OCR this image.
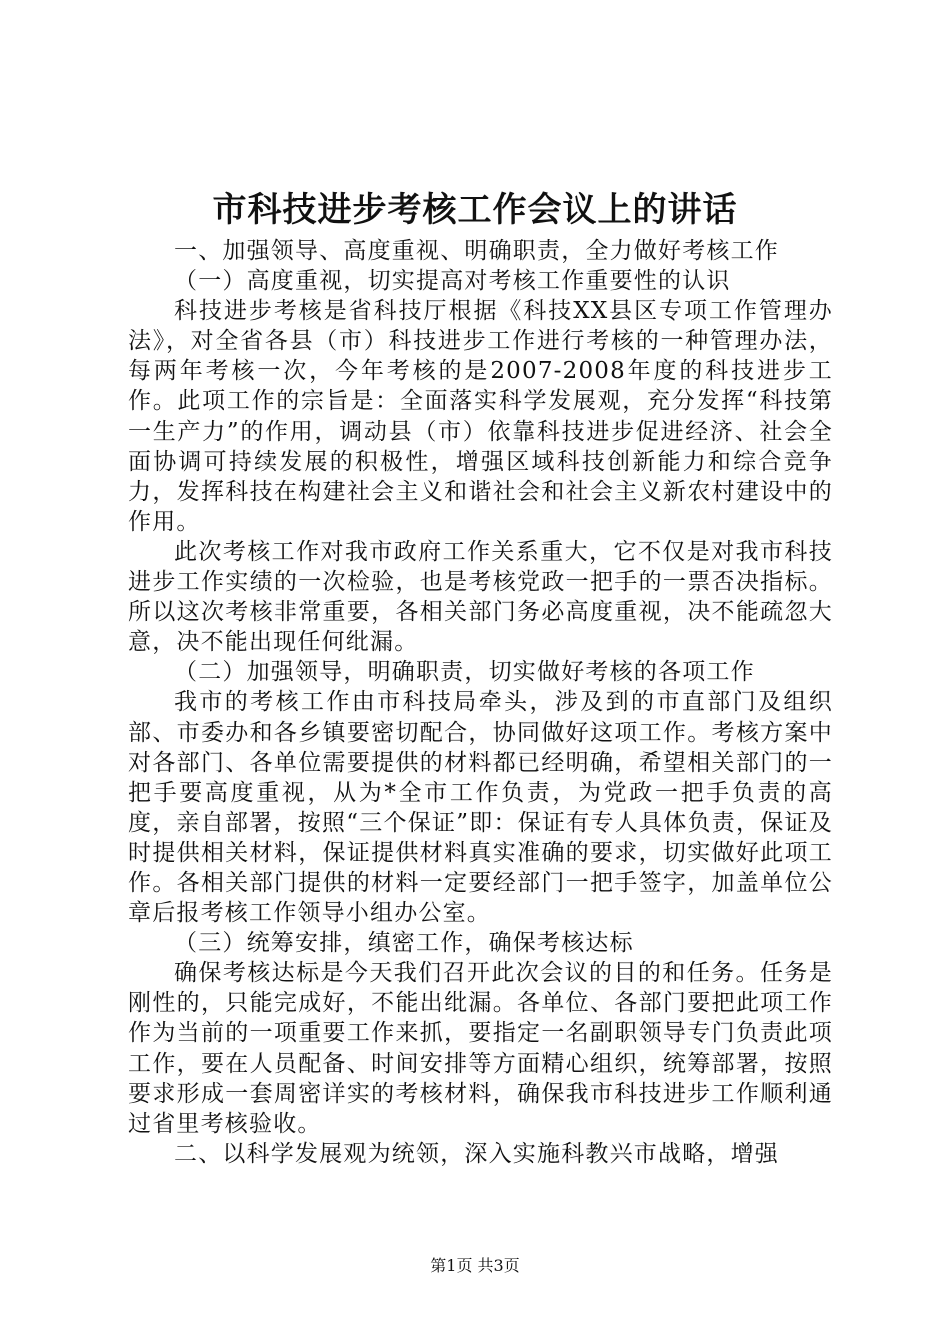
市科技进步考核工作会议上的讲话

一、加强领导、高度重视、明确职责，全力做好考核工作

（一）高度重视，切实提高对考核工作重要性的认识

科技进步考核是省科技厅根据《科技XX县区专项工作管理办法》，对全省各县（市）科技进步工作进行考核的一种管理办法，每两年考核一次，今年考核的是2007-2008年度的科技进步工作。此项工作的宗旨是：全面落实科学发展观，充分发挥“科技第一生产力”的作用，调动县（市）依靠科技进步促进经济、社会全面协调可持续发展的积极性，增强区域科技创新能力和综合竞争力，发挥科技在构建社会主义和谐社会和社会主义新农村建设中的作用。

此次考核工作对我市政府工作关系重大，它不仅是对我市科技进步工作实绩的一次检验，也是考核党政一把手的一票否决指标。所以这次考核非常重要，各相关部门务必高度重视，决不能疏忽大意，决不能出现任何纰漏。

（二）加强领导，明确职责，切实做好考核的各项工作

我市的考核工作由市科技局牵头，涉及到的市直部门及组织部、市委办和各乡镇要密切配合，协同做好这项工作。考核方案中对各部门、各单位需要提供的材料都已经明确，希望相关部门的一把手要高度重视，从为*全市工作负责，为党政一把手负责的高度，亲自部署，按照“三个保证”即：保证有专人具体负责，保证及时提供相关材料，保证提供材料真实准确的要求，切实做好此项工作。各相关部门提供的材料一定要经部门一把手签字，加盖单位公章后报考核工作领导小组办公室。

（三）统筹安排，缜密工作，确保考核达标

确保考核达标是今天我们召开此次会议的目的和任务。任务是刚性的，只能完成好，不能出纰漏。各单位、各部门要把此项工作作为当前的一项重要工作来抓，要指定一名副职领导专门负责此项工作，要在人员配备、时间安排等方面精心组织，统筹部署，按照要求形成一套周密详实的考核材料，确保我市科技进步工作顺利通过省里考核验收。

二、以科学发展观为统领，深入实施科教兴市战略，增强

第1页 共3页
